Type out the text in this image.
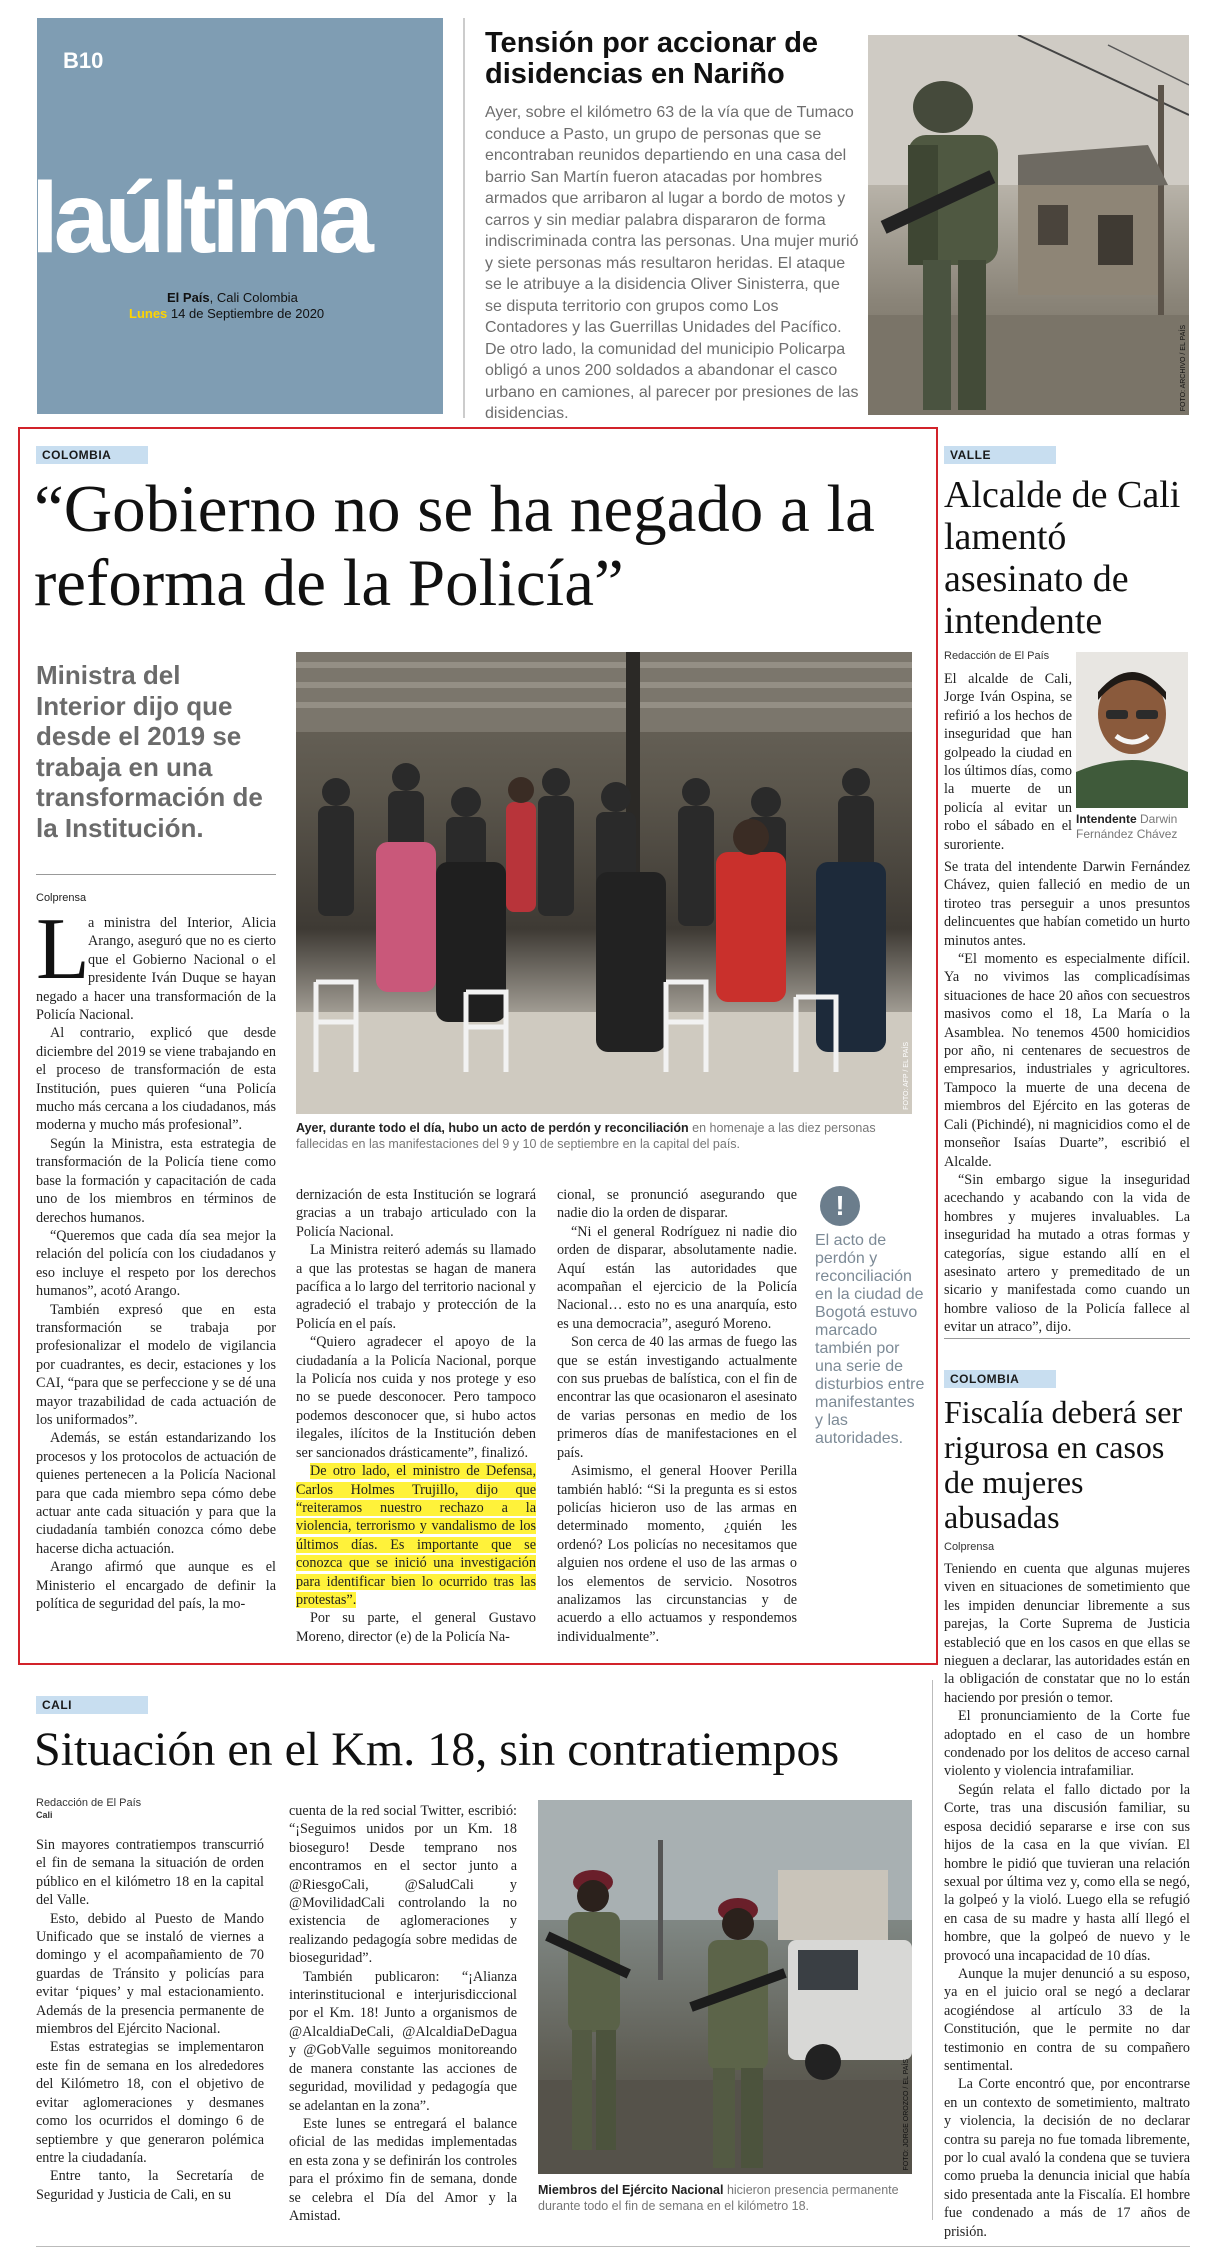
B10
laúltima
El País, Cali Colombia
Lunes 14 de Septiembre de 2020
Tensión por accionar de disidencias en Nariño
Ayer, sobre el kilómetro 63 de la vía que de Tumaco conduce a Pasto, un grupo de personas que se encontraban reunidos departiendo en una casa del barrio San Martín fueron atacadas por hombres armados que arribaron al lugar a bordo de motos y carros y sin mediar palabra dispararon de forma indiscriminada contra las personas. Una mujer murió y siete personas más resultaron heridas. El ataque se le atribuye a la disidencia Oliver Sinisterra, que se disputa territorio con grupos como Los Contadores y las Guerrillas Unidades del Pacífico. De otro lado, la comunidad del municipio Policarpa obligó a unos 200 soldados a abandonar el casco urbano en camiones, al parecer por presiones de las disidencias.
FOTO: ARCHIVO / EL PAÍS
COLOMBIA
“Gobierno no se ha negado a la reforma de la Policía”
Ministra del Interior dijo que desde el 2019 se trabaja en una transformación de la Institución.
Colprensa
FOTO: AFP / EL PAÍS
Ayer, durante todo el día, hubo un acto de perdón y reconciliación en homenaje a las diez personas fallecidas en las manifestaciones del 9 y 10 de septiembre en la capital del país.
L

a ministra del Interior, Alicia Arango, aseguró que no es cierto que el Gobierno Nacional o el presidente Iván Duque se hayan negado a hacer una transformación de la Policía Nacional.

Al contrario, explicó que desde diciembre del 2019 se viene trabajando en el proceso de transformación de esta Institución, pues quieren “una Policía mucho más cercana a los ciudadanos, más moderna y mucho más profesional”.

Según la Ministra, esta estrategia de transformación de la Policía tiene como base la formación y capacitación de cada uno de los miembros en términos de derechos humanos.

“Queremos que cada día sea mejor la relación del policía con los ciudadanos y eso incluye el respeto por los derechos humanos”, acotó Arango.

También expresó que en esta transformación se trabaja por profesionalizar el modelo de vigilancia por cuadrantes, es decir, estaciones y los CAI, “para que se perfeccione y se dé una mayor trazabilidad de cada actuación de los uniformados”.

Además, se están estandarizando los procesos y los protocolos de actuación de quienes pertenecen a la Policía Nacional para que cada miembro sepa cómo debe actuar ante cada situación y para que la ciudadanía también conozca cómo debe hacerse dicha actuación.

Arango afirmó que aunque es el Ministerio el encargado de definir la política de seguridad del país, la mo-

dernización de esta Institución se logrará gracias a un trabajo articulado con la Policía Nacional.

La Ministra reiteró además su llamado a que las protestas se hagan de manera pacífica a lo largo del territorio nacional y agradeció el trabajo y protección de la Policía en el país.

“Quiero agradecer el apoyo de la ciudadanía a la Policía Nacional, porque la Policía nos cuida y nos protege y eso no se puede desconocer. Pero tampoco podemos desconocer que, si hubo actos ilegales, ilícitos de la Institución deben ser sancionados drásticamente”, finalizó.

De otro lado, el ministro de Defensa, Carlos Holmes Trujillo, dijo que “reiteramos nuestro rechazo a la violencia, terrorismo y vandalismo de los últimos días. Es importante que se conozca que se inició una investigación para identificar bien lo ocurrido tras las protestas”.

Por su parte, el general Gustavo Moreno, director (e) de la Policía Na-

cional, se pronunció asegurando que nadie dio la orden de disparar.

“Ni el general Rodríguez ni nadie dio orden de disparar, absolutamente nadie. Aquí están las autoridades que acompañan el ejercicio de la Policía Nacional… esto no es una anarquía, esto es una democracia”, aseguró Moreno.

Son cerca de 40 las armas de fuego las que se están investigando actualmente con sus pruebas de balística, con el fin de encontrar las que ocasionaron el asesinato de varias personas en medio de los primeros días de manifestaciones en el país.

Asimismo, el general Hoover Perilla también habló: “Si la pregunta es si estos policías hicieron uso de las armas en determinado momento, ¿quién les ordenó? Los policías no necesitamos que alguien nos ordene el uso de las armas o los elementos de servicio. Nosotros analizamos las circunstancias y de acuerdo a ello actuamos y respondemos individualmente”.

!
El acto de perdón y reconciliación en la ciudad de Bogotá estuvo marcado también por una serie de disturbios entre manifestantes y las autoridades.
VALLE
Alcalde de Cali lamentó asesinato de intendente
Redacción de El País
El alcalde de Cali, Jorge Iván Ospina, se refirió a los hechos de inseguridad que han golpeado la ciudad en los últimos días, como la muerte de un policía al evitar un robo el sábado en el suroriente.
Intendente Darwin Fernández Chávez

Se trata del intendente Darwin Fernández Chávez, quien falleció en medio de un tiroteo tras perseguir a unos presuntos delincuentes que habían cometido un hurto minutos antes.

“El momento es especialmente difícil. Ya no vivimos las complicadísimas situaciones de hace 20 años con secuestros masivos como el 18, La María o la Asamblea. No tenemos 4500 homicidios por año, ni centenares de secuestros de empresarios, industriales y agricultores. Tampoco la muerte de una decena de miembros del Ejército en las goteras de Cali (Pichindé), ni magnicidios como el de monseñor Isaías Duarte”, escribió el Alcalde.

“Sin embargo sigue la inseguridad acechando y acabando con la vida de hombres y mujeres invaluables. La inseguridad ha mutado a otras formas y categorías, sigue estando allí en el asesinato artero y premeditado de un sicario y manifestada como cuando un hombre valioso de la Policía fallece al evitar un atraco”, dijo.

COLOMBIA
Fiscalía deberá ser rigurosa en casos de mujeres abusadas
Colprensa

Teniendo en cuenta que algunas mujeres viven en situaciones de sometimiento que les impiden denunciar libremente a sus parejas, la Corte Suprema de Justicia estableció que en los casos en que ellas se nieguen a declarar, las autoridades están en la obligación de constatar que no lo están haciendo por presión o temor.

El pronunciamiento de la Corte fue adoptado en el caso de un hombre condenado por los delitos de acceso carnal violento y violencia intrafamiliar.

Según relata el fallo dictado por la Corte, tras una discusión familiar, su esposa decidió separarse e irse con sus hijos de la casa en la que vivían. El hombre le pidió que tuvieran una relación sexual por última vez y, como ella se negó, la golpeó y la violó. Luego ella se refugió en casa de su madre y hasta allí llegó el hombre, que la golpeó de nuevo y le provocó una incapacidad de 10 días.

Aunque la mujer denunció a su esposo, ya en el juicio oral se negó a declarar acogiéndose al artículo 33 de la Constitución, que le permite no dar testimonio en contra de su compañero sentimental.

La Corte encontró que, por encontrarse en un contexto de sometimiento, maltrato y violencia, la decisión de no declarar contra su pareja no fue tomada libremente, por lo cual avaló la condena que se tuviera como prueba la denuncia inicial que había sido presentada ante la Fiscalía. El hombre fue condenado a más de 17 años de prisión.

CALI
Situación en el Km. 18, sin contratiempos
Redacción de El País
Cali

Sin mayores contratiempos transcurrió el fin de semana la situación de orden público en el kilómetro 18 en la capital del Valle.

Esto, debido al Puesto de Mando Unificado que se instaló de viernes a domingo y el acompañamiento de 70 guardas de Tránsito y policías para evitar ‘piques’ y mal estacionamiento. Además de la presencia permanente de miembros del Ejército Nacional.

Estas estrategias se implementaron este fin de semana en los alrededores del Kilómetro 18, con el objetivo de evitar aglomeraciones y desmanes como los ocurridos el domingo 6 de septiembre y que generaron polémica entre la ciudadanía.

Entre tanto, la Secretaría de Seguridad y Justicia de Cali, en su

cuenta de la red social Twitter, escribió: “¡Seguimos unidos por un Km. 18 bioseguro! Desde temprano nos encontramos en el sector junto a @RiesgoCali, @SaludCali y @MovilidadCali controlando la no existencia de aglomeraciones y realizando pedagogía sobre medidas de bioseguridad”.

También publicaron: “¡Alianza interinstitucional e interjurisdiccional por el Km. 18! Junto a organismos de @AlcaldiaDeCali, @AlcaldiaDeDagua y @GobValle seguimos monitoreando de manera constante las acciones de seguridad, movilidad y pedagogía que se adelantan en la zona”.

Este lunes se entregará el balance oficial de las medidas implementadas en esta zona y se definirán los controles para el próximo fin de semana, donde se celebra el Día del Amor y la Amistad.

FOTO: JORGE OROZCO / EL PAÍS
Miembros del Ejército Nacional hicieron presencia permanente durante todo el fin de semana en el kilómetro 18.
